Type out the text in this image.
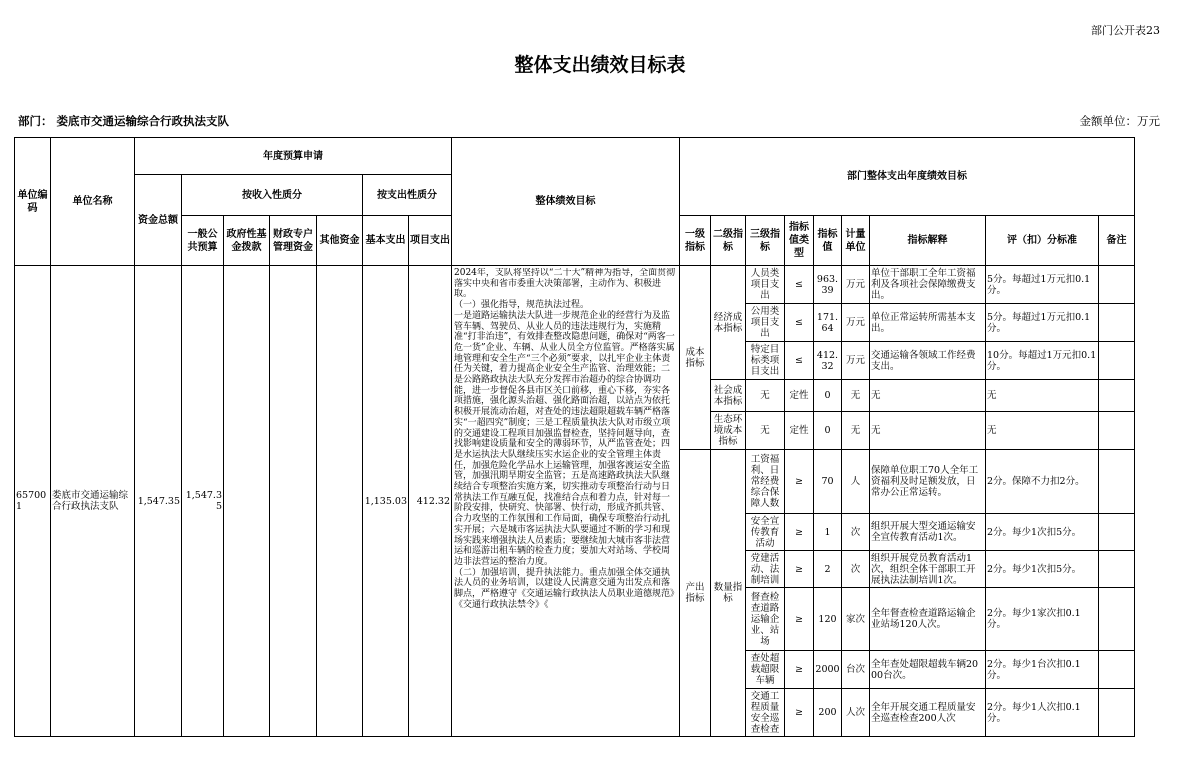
部门公开表23
整体支出绩效目标表
部门： 娄底市交通运输综合行政执法支队	金额单位：万元
单位编码	单位名称	年度预算申请							整体绩效目标	部门整体支出年度绩效目标								
		资金总额	按收入性质分				按支出性质分											
			一般公共预算	政府性基金拨款	财政专户管理资金	其他资金	基本支出	项目支出		一级指标	二级指标	三级指标	指标值类型	指标值	计量单位	指标解释	评（扣）分标准	备注
657001	娄底市交通运输综合行政执法支队	1,547.35	1,547.35				1,135.03	412.32	2024年，支队将坚持以“二十大”精神为指导，全面贯彻落实中央和省市委重大决策部署，主动作为、积极进取。
（一）强化指导，规范执法过程。
一是道路运输执法大队进一步规范企业的经营行为及监管车辆、驾驶员、从业人员的违法违规行为，实施精准“打非治违”，有效排查整改隐患问题，确保对“两客一危一货”企业、车辆、从业人员全方位监管。严格落实属地管理和安全生产“三个必须”要求，以扎牢企业主体责任为关键，着力提高企业安全生产监管、治理效能；二是公路路政执法大队充分发挥市治超办的综合协调功能，进一步督促各县市区关口前移，重心下移，夯实各项措施，强化源头治超、强化路面治超，以站点为依托积极开展流动治超，对查处的违法超限超载车辆严格落实“一超四究”制度；三是工程质量执法大队对市级立项的交通建设工程项目加强监督检查，坚持问题导向，查找影响建设质量和安全的薄弱环节，从严监管查处；四是水运执法大队继续压实水运企业的安全管理主体责任，加强危险化学品水上运输管理，加强客渡运安全监管，加强汛期旱期安全监管；五是高速路政执法大队继续结合专项整治实施方案，切实推动专项整治行动与日常执法工作互融互促，找准结合点和着力点，针对每一阶段安排，快研究、快部署、快行动，形成齐抓共管、合力攻坚的工作氛围和工作局面，确保专项整治行动扎实开展；六是城市客运执法大队要通过不断的学习和现场实践来增强执法人员素质；要继续加大城市客非法营运和巡游出租车辆的检查力度；要加大对站场、学校周边非法营运的整治力度。
（二）加强培训，提升执法能力。重点加强全体交通执法人员的业务培训，以建设人民满意交通为出发点和落脚点，严格遵守《交通运输行政执法人员职业道德规范》《交通行政执法禁令》《	成本指标	经济成本指标	人员类项目支出	≤	963.39	万元	单位干部职工全年工资福利及各项社会保障缴费支出。	5分。每超过1万元扣0.1分。	
												公用类项目支出	≤	171.64	万元	单位正常运转所需基本支出。	5分。每超过1万元扣0.1分。	
												特定目标类项目支出	≤	412.32	万元	交通运输各领域工作经费支出。	10分。每超过1万元扣0.1分。	
											社会成本指标	无	定性	0	无	无	无	
											生态环境成本指标	无	定性	0	无	无	无	
										产出指标	数量指标	工资福利、日常经费综合保障人数	≥	70	人	保障单位职工70人全年工资福利及时足额发放，日常办公正常运转。	2分。保障不力扣2分。	
												安全宣传教育活动	≥	1	次	组织开展大型交通运输安全宣传教育活动1次。	2分。每少1次扣5分。	
												党建活动、法制培训	≥	2	次	组织开展党员教育活动1次，组织全体干部职工开展执法法制培训1次。	2分。每少1次扣5分。	
												督查检查道路运输企业、站场	≥	120	家次	全年督查检查道路运输企业站场120人次。	2分。每少1家次扣0.1分。	
												查处超载超限车辆	≥	2000	台次	全年查处超限超载车辆2000台次。	2分。每少1台次扣0.1分。	
												交通工程质量安全巡查检查	≥	200	人次	全年开展交通工程质量安全巡查检查200人次	2分。每少1人次扣0.1分。	
